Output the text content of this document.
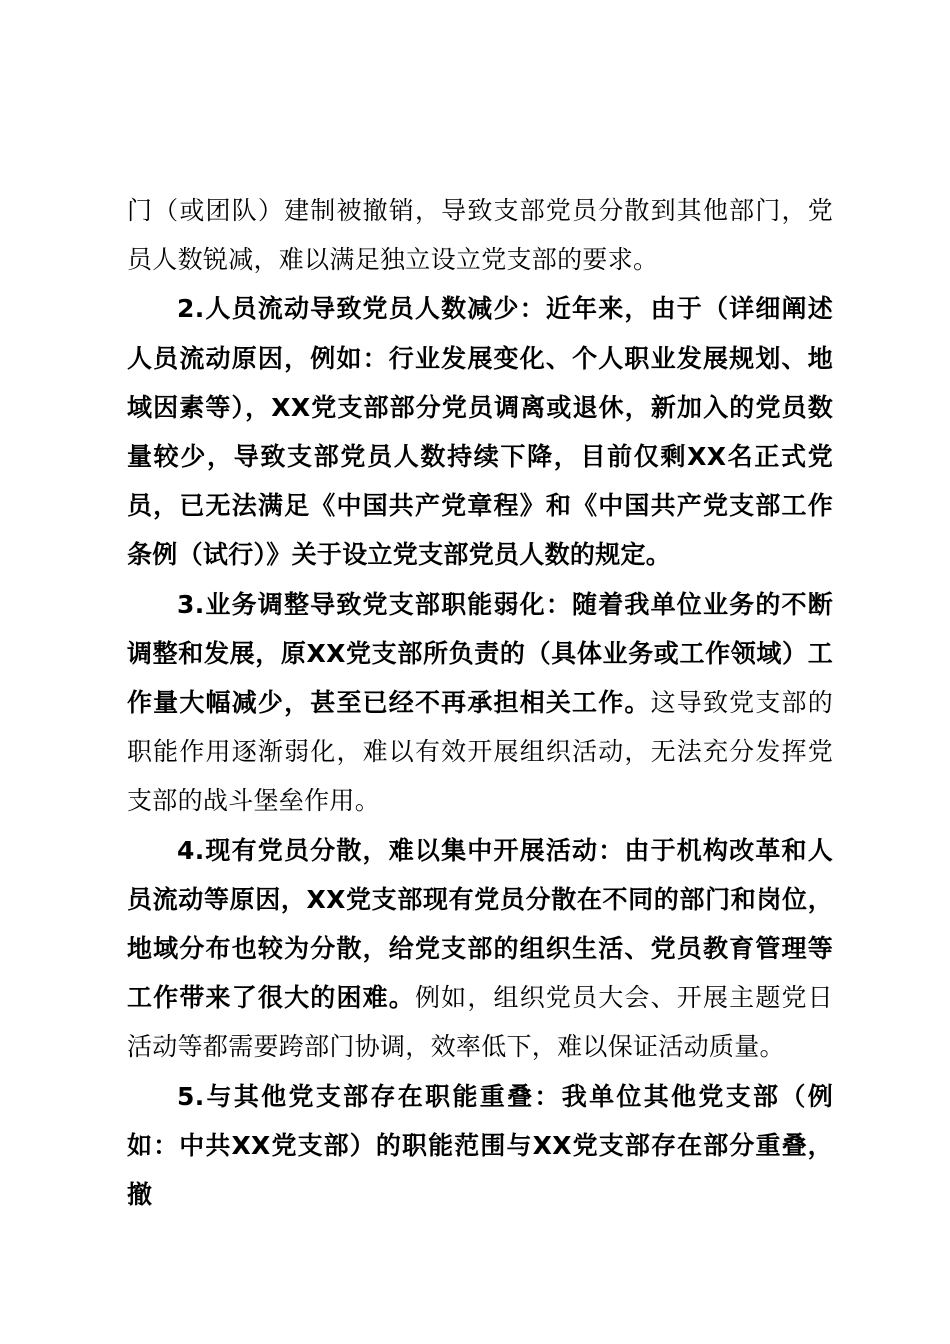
门（或团队）建制被撤销，导致支部党员分散到其他部门，党员人数锐减，难以满足独立设立党支部的要求。

2.人员流动导致党员人数减少：近年来，由于（详细阐述人员流动原因，例如：行业发展变化、个人职业发展规划、地域因素等），XX党支部部分党员调离或退休，新加入的党员数量较少，导致支部党员人数持续下降，目前仅剩XX名正式党员，已无法满足《中国共产党章程》和《中国共产党支部工作条例（试行）》关于设立党支部党员人数的规定。

3.业务调整导致党支部职能弱化：随着我单位业务的不断调整和发展，原XX党支部所负责的（具体业务或工作领域）工作量大幅减少，甚至已经不再承担相关工作。这导致党支部的职能作用逐渐弱化，难以有效开展组织活动，无法充分发挥党支部的战斗堡垒作用。

4.现有党员分散，难以集中开展活动：由于机构改革和人员流动等原因，XX党支部现有党员分散在不同的部门和岗位，地域分布也较为分散，给党支部的组织生活、党员教育管理等工作带来了很大的困难。例如，组织党员大会、开展主题党日活动等都需要跨部门协调，效率低下，难以保证活动质量。

5.与其他党支部存在职能重叠：我单位其他党支部（例如：中共XX党支部）的职能范围与XX党支部存在部分重叠，撤
